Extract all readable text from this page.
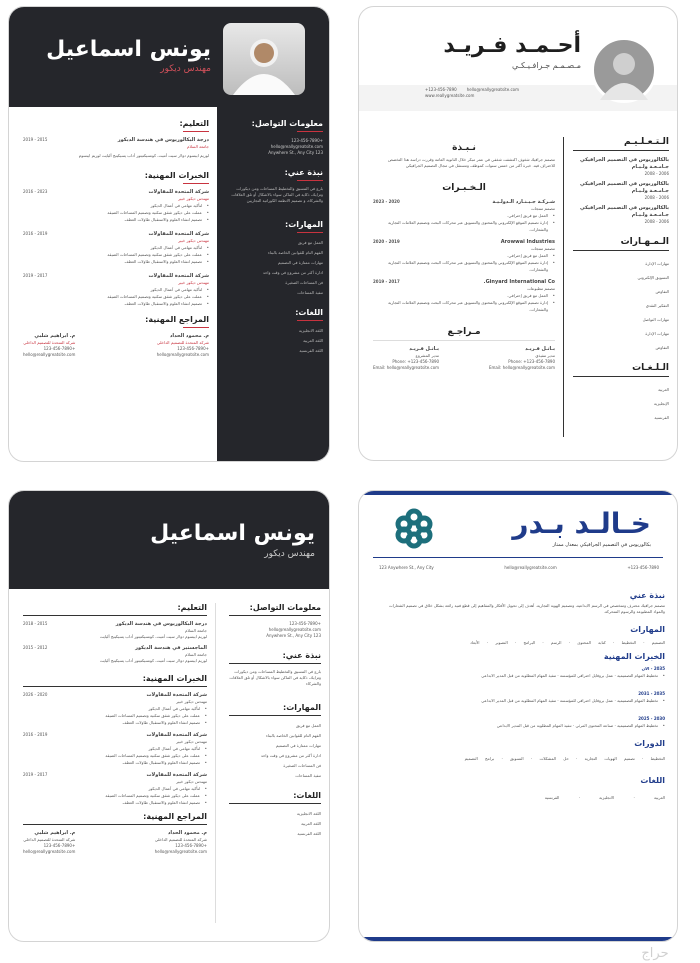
يونس اسماعيل
مهندس ديكور
معلومات التواصل:
+123-456-7890
hello@reallygreatsite.com
123 Anywhere St., Any City
نبذة عني:
بارع في التنسيق والتخطيط المساحات ومن ديكورات وتزايك، ذكاية في الماكن سواء بالاشكال أو تلق العلاقات والشركاء، و تصميم الانظمة الكوراتية التجاريين
المهارات:
العمل مع فريق
الفهم التام للقوانين الخاصة بالبناء
مهارات ممتازة في التصميم
ادارة أكثر من مشروع في وقت واحد
فن المساحات الصغيرة
تنفيذ المساحات
اللغات:
اللغة الانجليزية
اللغة العربية
اللغة الفرنسية
التعليم:
درجة البكالوريوس في هندسة الديكور
جامعة السلام
2015 - 2019
لوريم ايبسوم دولار سيت أميت، كونسيكتيتور أداب يسيكينج أليايت لوريم ايبسوم
الخبرات المهنية:
شركة المتحدة للمقاولات
مهندس ديكور خبير
2023 - 2016
• لتأكيد مهامي في أعمال الديكور
• عملت على ديكور شقق سكنية وتصميم المساحات الضيقة
• تصميم انشاء العلوم والاستقبال طاولات العطف
شركة المتحدة للمقاولات
مهندس ديكور خبير
2019 - 2016
• لتأكيد مهامي في أعمال الديكور
• عملت على ديكور شقق سكنية وتصميم المساحات الضيقة
• تصميم انشاء العلوم والاستقبال طاولات العطف
شركة المتحدة للمقاولات
مهندس ديكور خبير
2017 - 2019
• لتأكيد مهامي في أعمال الديكور
• عملت على ديكور شقق سكنية وتصميم المساحات الضيقة
• تصميم انشاء العلوم والاستقبال طاولات العطف
المراجع المهنية:
م. محمود الحداد
شركة المتحدة للتصميم الداخلي
+123-456-7890
hello@reallygreatsite.com
م. ابراهيم شلبي
شركة المتحدة للتصميم الداخلي
+123-456-7890
hello@reallygreatsite.com
أحـمـد فـريـد
مـصـمـم جـرافـيـكـي
+123-456-7890	hello@reallygreatsite.com
www.reallygreatsite.com
الـتـعـلـيـم
بالكالوريوس في التصميم الجرافيكي
جـامـعـة ولـيـام
2006 - 2008
بالكالوريوس في التصميم الجرافيكي
جـامـعـة ولـيـام
2006 - 2008
بالكالوريوس في التصميم الجرافيكي
جـامـعـة ولـيـام
2006 - 2008
الـمـهـارات
مهارات الإدارة
التسويق الإلكتروني
التفاوض
التفكير النقدي
مهارات التواصل
مهارات الإدارة
التفاوض
الـلـغـات
العربية
الإنجليزية
الفرنسية
نـبـذة
مصمم جرافيك شغوف اكتشفت شغفي في عمر مبكر خلال الثانوية العامة وقررت دراسة هذا التخصص للاحتراف فيه. خبرة أكثر من خمس سنوات كموظف ومستقل في مجال التصميم الجرافيكي
الـخـبـرات
شـركـة جـيـنـارد الـدولـيـة
مصمم منتجات
2020 - 2023
• العمل مع فريق إحترافي.
• إدارة تصميم الموقع الإلكتروني والمحتوى والتسويق عبر محركات البحث وتصميم العلامات التجارية والشعارات.
Arowwai Industries
مصمم منتجات
2019 - 2020
• العمل مع فريق إحترافي.
• إدارة تصميم الموقع الإلكتروني والمحتوى والتسويق عبر محركات البحث وتصميم العلامات التجارية والشعارات.
Ginyard International Co.
مصمم مطبوعات
2017 - 2019
• العمل مع فريق إحترافي.
• إدارة تصميم الموقع الإلكتروني والمحتوى والتسويق عبر محركات البحث وتصميم العلامات التجارية والشعارات.
مـراجـع
بـاتـل فـريـد
مدير تنفيذي
Phone: +123-456-7890
Email: hello@reallygreatsite.com
بـاتـل فـريـد
مدير المشروع
Phone: +123-456-7890
Email: hello@reallygreatsite.com
يونس اسماعيل
مهندس ديكور
معلومات التواصل:
+123-456-7890
hello@reallygreatsite.com
123 Anywhere St., Any City
نبذة عني:
بارع في التنسيق والتخطيط المساحات ومن ديكورات وتزايك، ذكاية في الماكن سواء بالاشكال أو تلق العلاقات والشركاء
المهارات:
العمل مع فريق
الفهم التام للقوانين الخاصة بالبناء
مهارات ممتازة في التصميم
ادارة أكثر من مشروع في وقت واحد
فن المساحات الصغيرة
تنفيذ المساحات
اللغات:
اللغة الانجليزية
اللغة العربية
اللغة الفرنسية
التعليم:
درجة البكالوريوس في هندسة الديكور
2015 - 2018
جامعة السلام
لوريم ايبسوم دولار سيت أميت، كونسيكتيتور أداب يسيكينج أليايت
الماجستير في هندسة الديكور
2012 - 2015
جامعة السلام
لوريم ايبسوم دولار سيت أميت، كونسيكتيتور أداب يسيكينج أليايت
الخبرات المهنية:
شركة المتحدة للمقاولات
2020 - 2026
مهندس ديكور خبير
• لتأكيد مهامي في أعمال الديكور
• عملت على ديكور شقق سكنية وتصميم المساحات الضيقة
• تصميم انشاء العلوم والاستقبال طاولات العطف
شركة المتحدة للمقاولات
2019 - 2016
مهندس ديكور خبير
• لتأكيد مهامي في أعمال الديكور
• عملت على ديكور شقق سكنية وتصميم المساحات الضيقة
• تصميم انشاء العلوم والاستقبال طاولات العطف
شركة المتحدة للمقاولات
2017 - 2019
مهندس ديكور خبير
• لتأكيد مهامي في أعمال الديكور
• عملت على ديكور شقق سكنية وتصميم المساحات الضيقة
• تصميم انشاء العلوم والاستقبال طاولات العطف
المراجع المهنية:
م. محمود الحداد
شركة المتحدة للتصميم الداخلي
+123-456-7890
hello@reallygreatsite.com
م. ابراهيم شلبي
شركة المتحدة للتصميم الداخلي
+123-456-7890
hello@reallygreatsite.com
خـالـد بـدر
بكالوريوس في التصميم الجرافيكي بمعدل ممتاز
123 Anywhere St., Any City	hello@reallygreatsite.com	+123-456-7890
نبذة عني
مصمم جرافيك محترف ومتخصص في الرسم الابداعية، وتصميم الهوية التجارية. أهدف إلى تحويل الأفكار والمفاهيم إلى قطع فنية رائعة بشكل خلاق في تصميم الشعارات والمواد المطبوعة والرسوم المتحركة.
المهارات
التصميم · التخطيط · كتابة المحتوى · الرسم · البرامج · التصوير · الأبعاد
الخبرات المهنية
2035 - الان
• تخطيط المهام التصميمية · عمل بروفايل احترافي للمؤسسة · تنفيذ المهام المطلوبة من قبل المدير الابداعي
2035 - 2031
• تخطيط المهام التصميمية · عمل بروفايل احترافي للمؤسسة · تنفيذ المهام المطلوبة من قبل المدير الابداعي
2030 - 2025
• تخطيط المهام التصميمية · صناعة المحتوى المرئي · تنفيذ المهام المطلوبة من قبل المدير الابداعي
الدورات
التخطيط · تصميم الهويات التجارية · حل المشكلات · التسويق · برامج التصميم
اللغات
العربية · الانجليزية · الفرنسية
حراج
